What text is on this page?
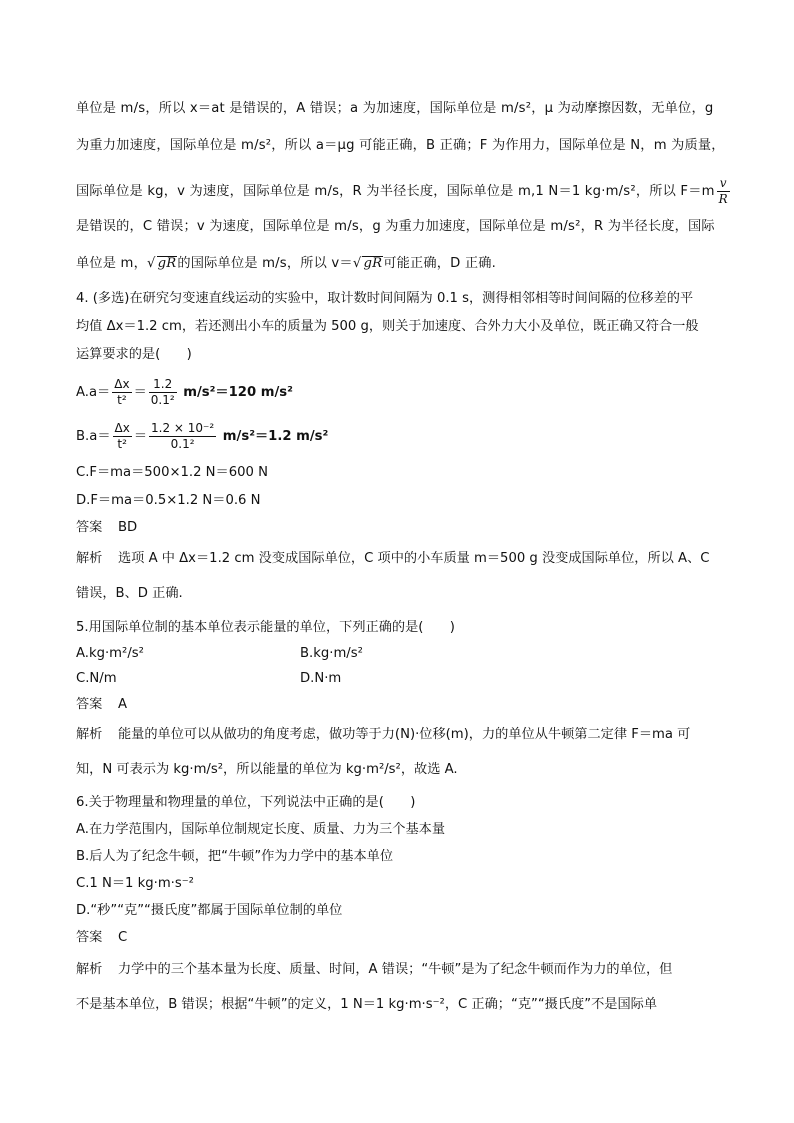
单位是 m/s，所以 x＝at 是错误的，A 错误；a 为加速度，国际单位是 m/s²，μ 为动摩擦因数，无单位，g
为重力加速度，国际单位是 m/s²，所以 a＝μg 可能正确，B 正确；F 为作用力，国际单位是 N，m 为质量，
国际单位是 kg，v 为速度，国际单位是 m/s，R 为半径长度，国际单位是 m,1 N＝1 kg·m/s²，所以 $F=m \frac{v}{R}$
是错误的，C 错误；v 为速度，国际单位是 m/s，g 为重力加速度，国际单位是 m/s²，R 为半径长度，国际
单位是 m，√ gR的国际单位是 m/s，所以 v＝√ gR可能正确，D 正确.
4. (多选)在研究匀变速直线运动的实验中，取计数时间间隔为 0.1 s，测得相邻相等时间间隔的位移差的平
均值 Δx＝1.2 cm，若还测出小车的质量为 500 g，则关于加速度、合外力大小及单位，既正确又符合一般
运算要求的是(　　)
$A.a= \frac{\Delta x}{\text{t²}} = \frac{1.2}{\text{0.1²}} m/s^2=120$ m/s²
$B.a= \frac{\Delta x}{\text{t²}} = \frac{\text{1.2 × 10⁻²}}{\text{0.1²}} m/s^2=1.2$ m/s²
C.F＝ma＝500×1.2 N＝600 N
D.F＝ma＝0.5×1.2 N＝0.6 N
答案 BD
解析 选项 A 中 Δx＝1.2 cm 没变成国际单位，C 项中的小车质量 m＝500 g 没变成国际单位，所以 A、C
错误，B、D 正确.
5.用国际单位制的基本单位表示能量的单位，下列正确的是(　　)
A.kg·m²/s²	B.kg·m/s²
C.N/m	D.N·m
答案 A
解析 能量的单位可以从做功的角度考虑，做功等于力(N)·位移(m)，力的单位从牛顿第二定律 F＝ma 可
知，N 可表示为 kg·m/s²，所以能量的单位为 kg·m²/s²，故选 A.
6.关于物理量和物理量的单位，下列说法中正确的是(　　)
A.在力学范围内，国际单位制规定长度、质量、力为三个基本量
B.后人为了纪念牛顿，把“牛顿”作为力学中的基本单位
C.1 N＝1 kg·m·s⁻²
D.“秒”“克”“摄氏度”都属于国际单位制的单位
答案 C
解析 力学中的三个基本量为长度、质量、时间，A 错误；“牛顿”是为了纪念牛顿而作为力的单位，但
不是基本单位，B 错误；根据“牛顿”的定义，1 N＝1 kg·m·s⁻²，C 正确；“克”“摄氏度”不是国际单
